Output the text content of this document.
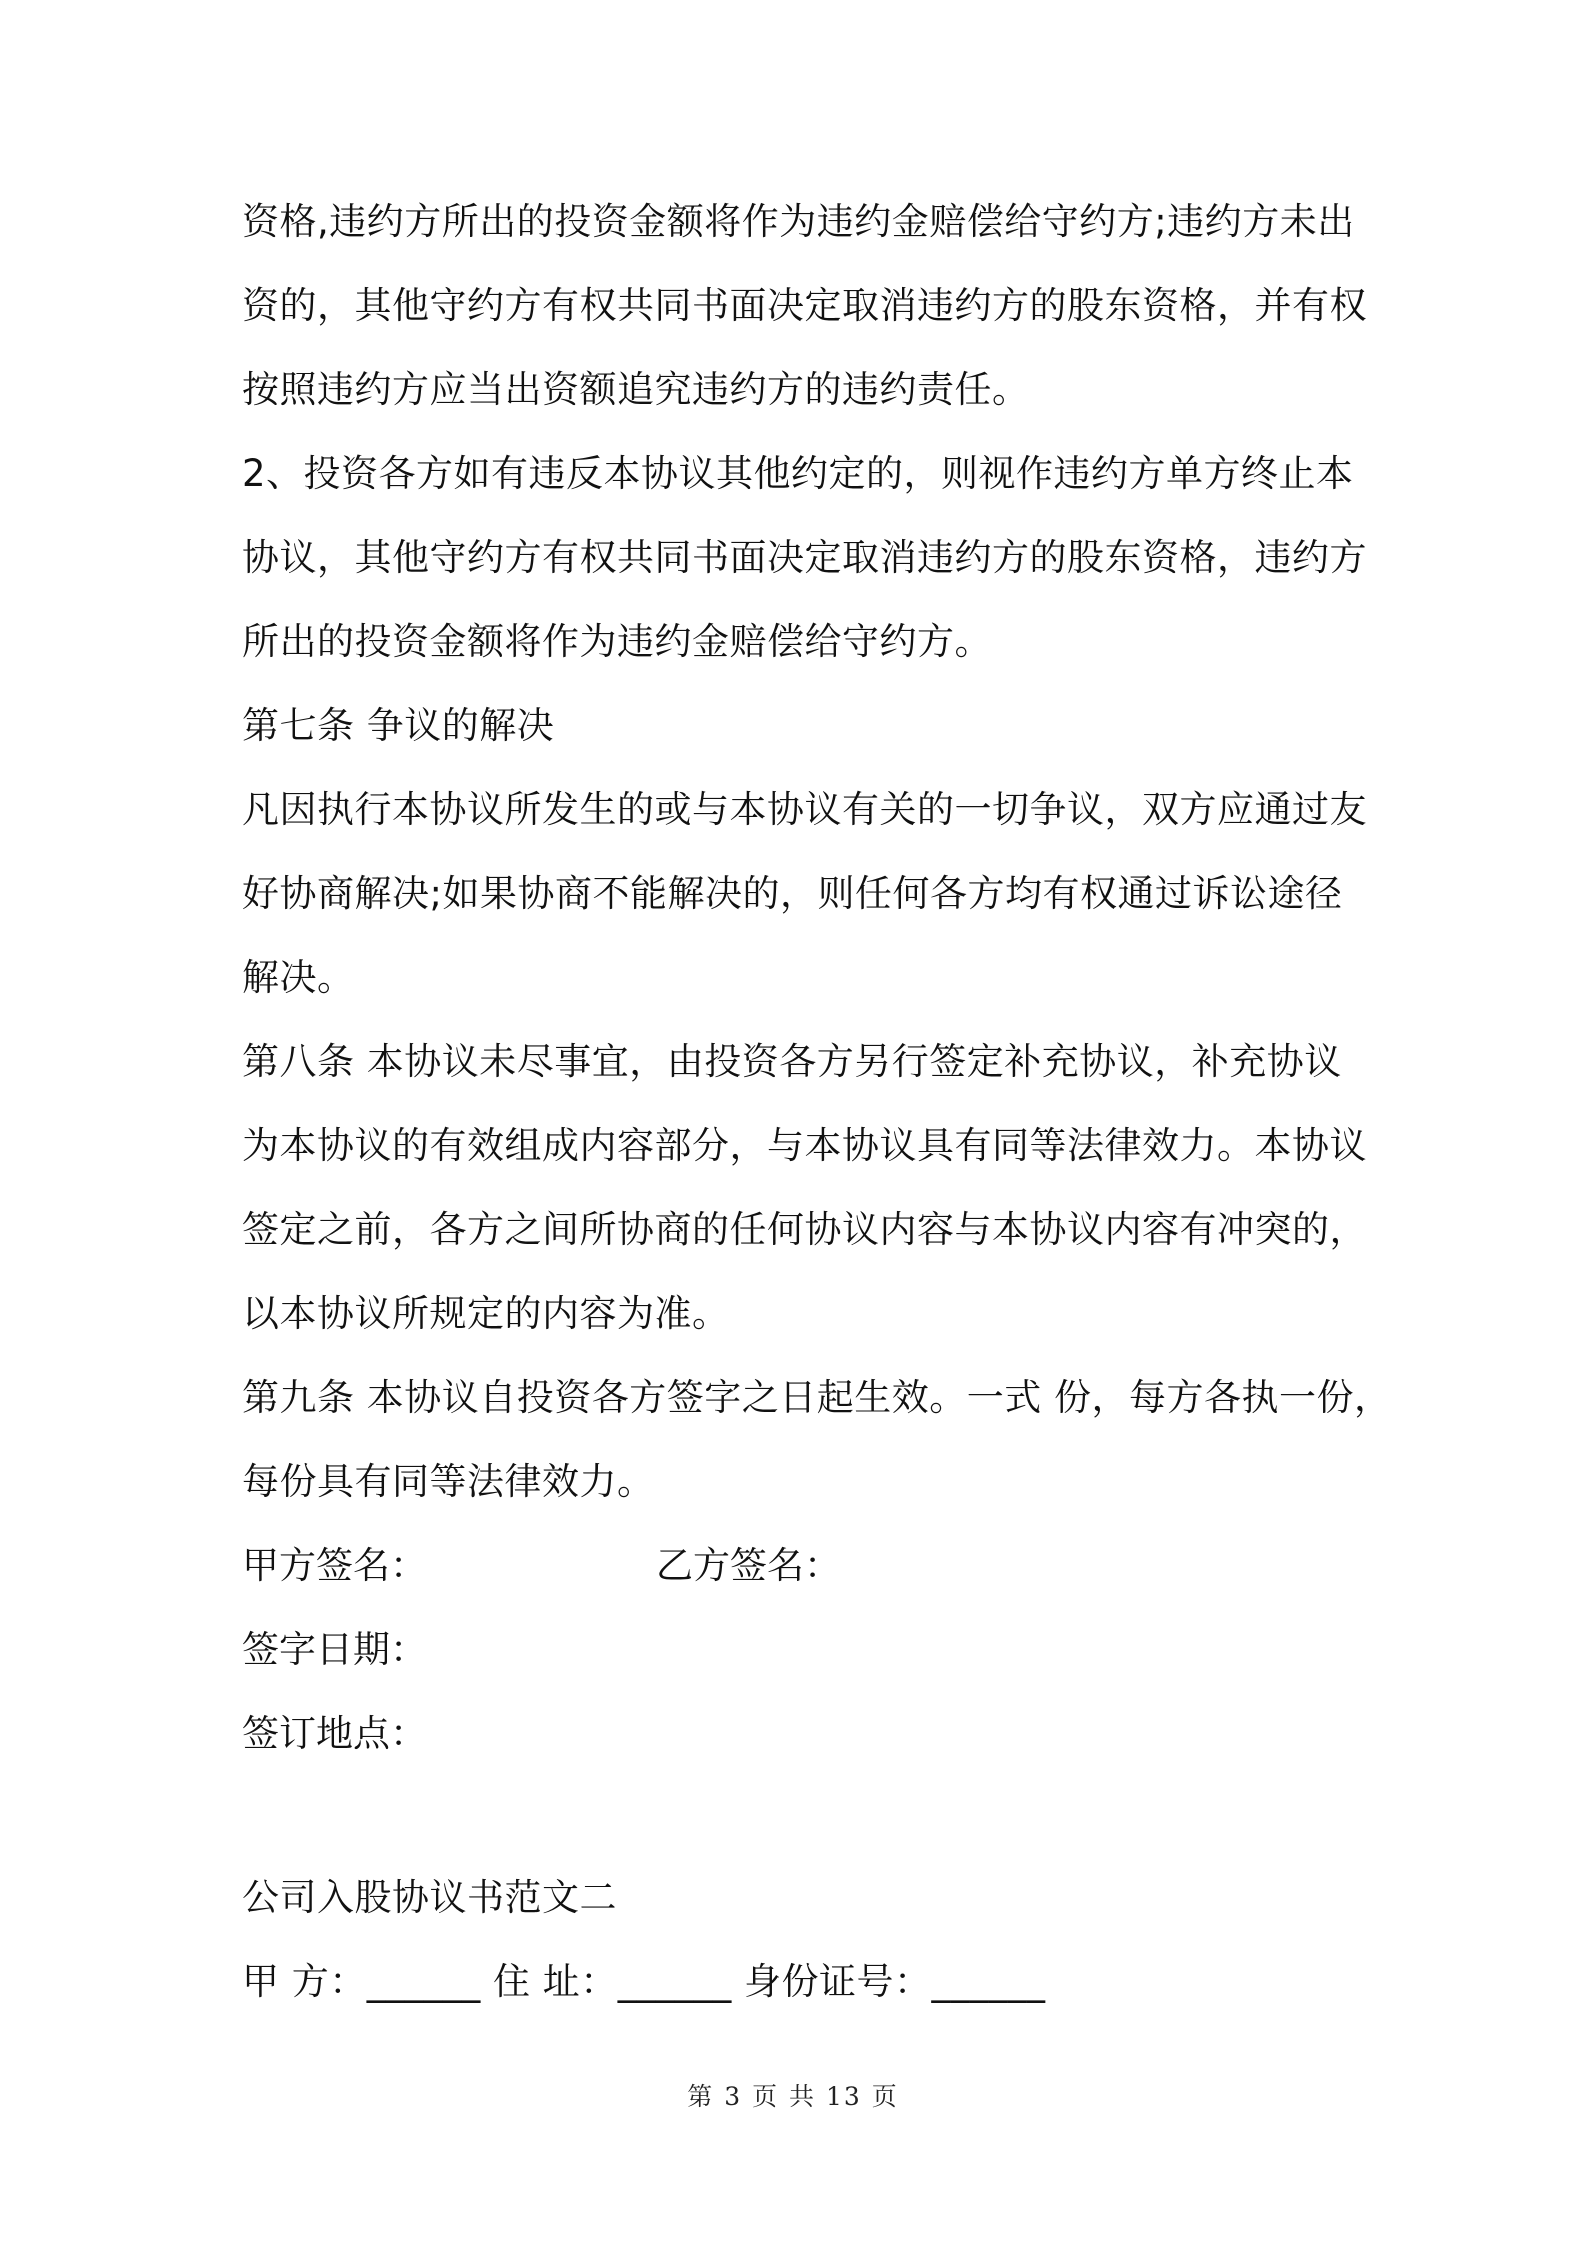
资格,违约方所出的投资金额将作为违约金赔偿给守约方;违约方未出
资的，其他守约方有权共同书面决定取消违约方的股东资格，并有权
按照违约方应当出资额追究违约方的违约责任。
2、投资各方如有违反本协议其他约定的，则视作违约方单方终止本
协议，其他守约方有权共同书面决定取消违约方的股东资格，违约方
所出的投资金额将作为违约金赔偿给守约方。
第七条 争议的解决
凡因执行本协议所发生的或与本协议有关的一切争议，双方应通过友
好协商解决;如果协商不能解决的，则任何各方均有权通过诉讼途径
解决。
第八条 本协议未尽事宜，由投资各方另行签定补充协议，补充协议
为本协议的有效组成内容部分，与本协议具有同等法律效力。本协议
签定之前，各方之间所协商的任何协议内容与本协议内容有冲突的，
以本协议所规定的内容为准。
第九条 本协议自投资各方签字之日起生效。一式 份，每方各执一份，
每份具有同等法律效力。
甲方签名：	乙方签名：
签字日期：
签订地点：
公司入股协议书范文二
甲 方：______ 住 址：______ 身份证号：______
第 3 页 共 13 页
